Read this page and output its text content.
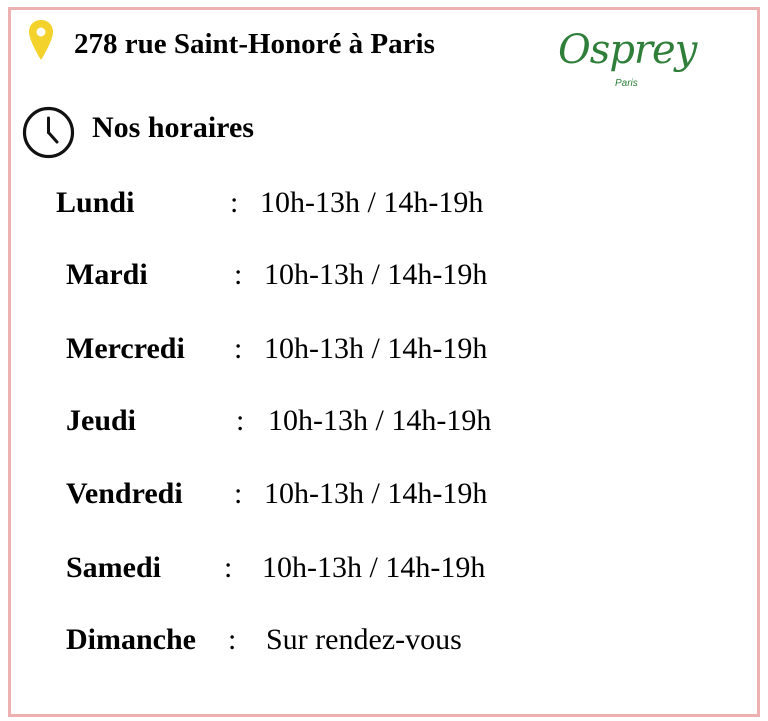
278 rue Saint-Honoré à Paris	Osprey
Paris
Nos horaires
Lundi	: 10h-13h / 14h-19h
Mardi	: 10h-13h / 14h-19h
Mercredi : 10h-13h / 14h-19h
Jeudi	: 10h-13h / 14h-19h
Vendredi : 10h-13h / 14h-19h
Samedi : 10h-13h / 14h-19h
Dimanche : Sur rendez-vous
